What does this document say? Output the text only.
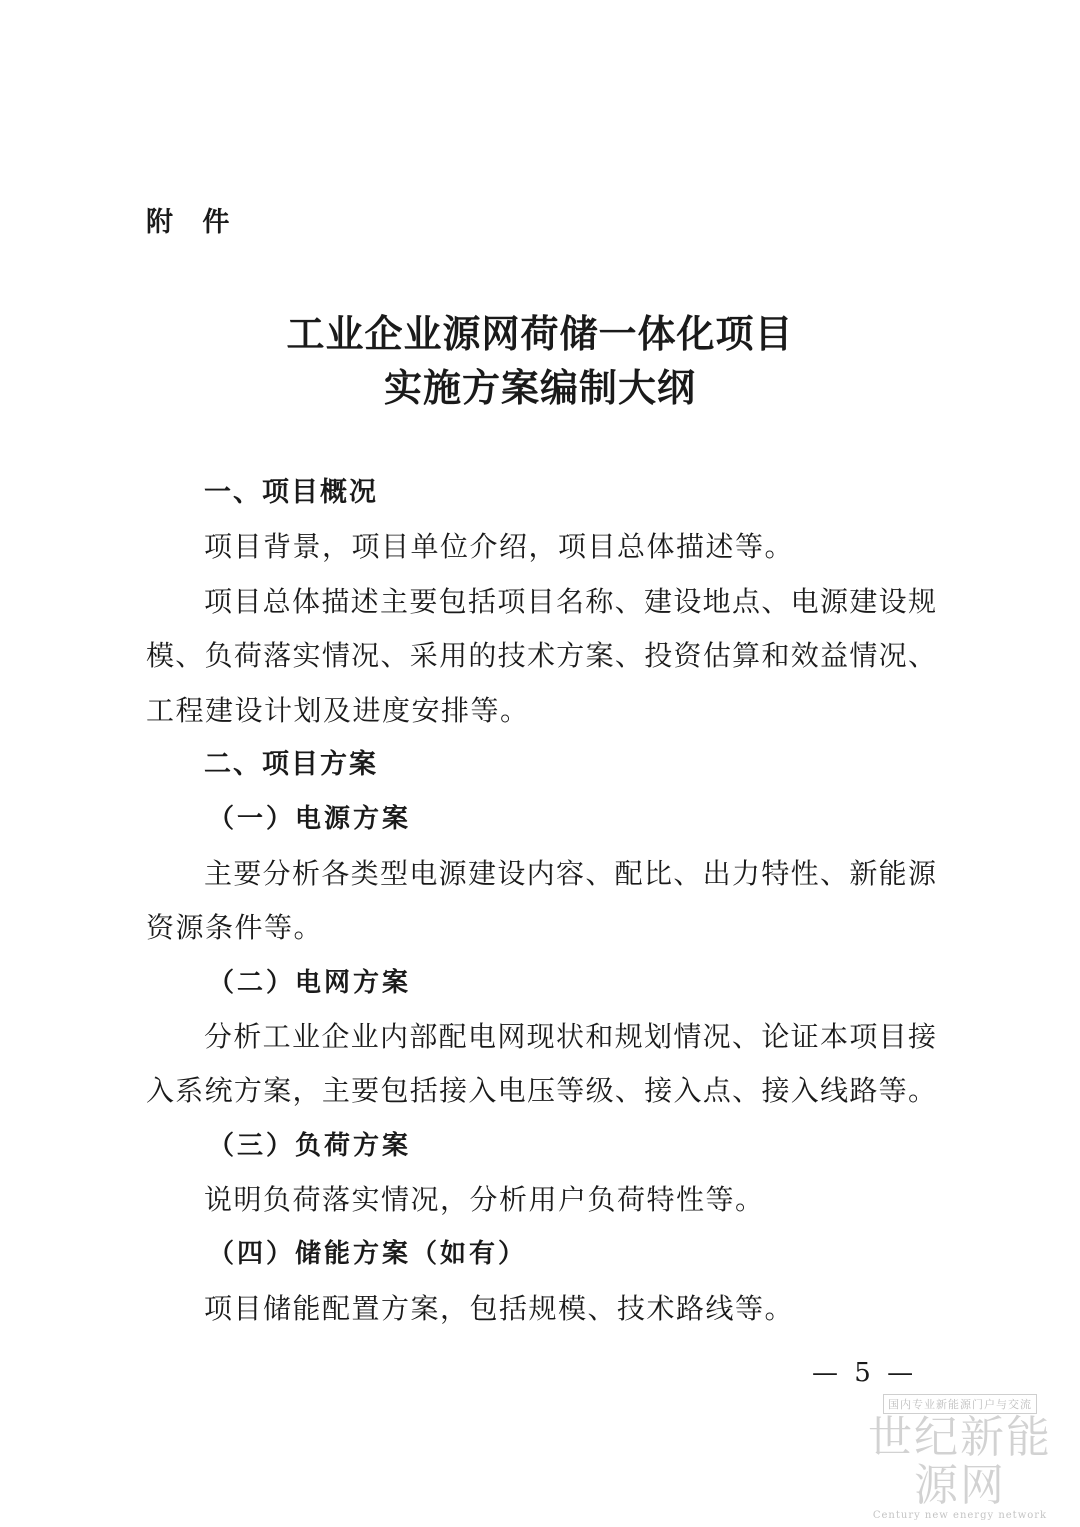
附 件
工业企业源网荷储一体化项目
实施方案编制大纲
一、项目概况
项目背景，项目单位介绍，项目总体描述等。
项目总体描述主要包括项目名称、建设地点、电源建设规
模、负荷落实情况、采用的技术方案、投资估算和效益情况、
工程建设计划及进度安排等。
二、项目方案
（一）电源方案
主要分析各类型电源建设内容、配比、出力特性、新能源
资源条件等。
（二）电网方案
分析工业企业内部配电网现状和规划情况、论证本项目接
入系统方案，主要包括接入电压等级、接入点、接入线路等。
（三）负荷方案
说明负荷落实情况，分析用户负荷特性等。
（四）储能方案（如有）
项目储能配置方案，包括规模、技术路线等。
— 5 —
国内专业新能源门户与交流
世纪新能源网
Century new energy network
